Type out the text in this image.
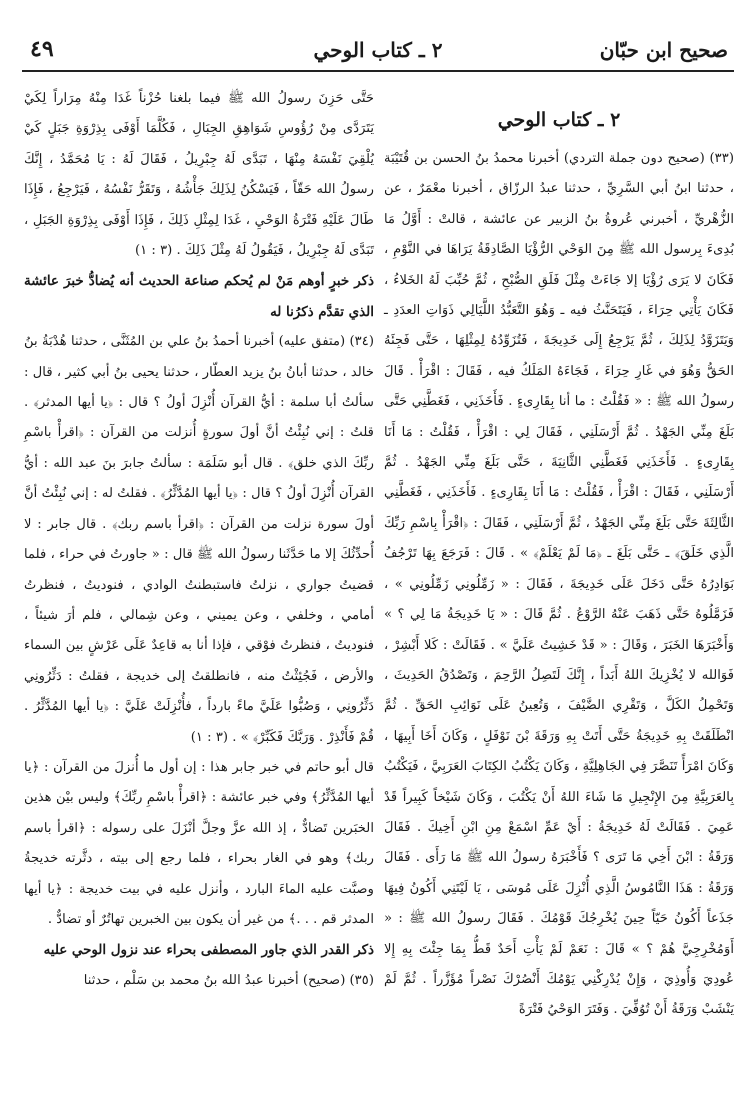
صحيح ابن حبّان
٢ ـ كتاب الوحي
٤٩
٢ ـ كتاب الوحي

(٣٣) (صحيح دون جملة التردي) أخبرنا محمدُ بنُ الحسن بن قُتَيْبَة ، حدثنا ابنُ أبي السَّرِيِّ ، حدثنا عبدُ الرزّاق ، أخبرنا معْمَرٌ ، عن الزُّهْريِّ ، أخبرني عُروةُ بنُ الزبير عن عائشة ، قالتْ : أَوَّلُ مَا بُدِىءَ بِرسول الله ﷺ مِنَ الوَحْي الرُّؤْيَا الصَّادِقَةُ يَرَاهَا في النَّوْمِ ، فَكَانَ لا يَرَى رُؤْيَا إلا جَاءَتْ مِثْلَ فَلَقِ الصُّبْحِ ، ثُمَّ حُبِّبَ لَهُ الخَلاءُ ، فَكَانَ يَأْتِي حِرَاءَ ، فَيَتَحَنَّثُ فيه ـ وَهُوَ التَّعَبُّدُ اللَّيَالِي ذَوَاتِ العدَدِ ـ وَيَتَزَوَّدُ لِذَلِكَ ، ثُمَّ يَرْجِعُ إِلَى خَدِيجَةَ ، فَتُزَوِّدُهُ لِمِثْلِهَا ، حَتَّى فَجِئَهُ الحَقُّ وَهُوَ في غَارِ حِرَاءَ ، فَجَاءَهُ المَلَكُ فيه ، فَقَالَ : اقْرَأْ . قَالَ رسولُ الله ﷺ : « فَقُلْتُ : ما أنا بِقَارِىءٍ . فَأَخَذَنِي ، فَغَطَّنِي حَتَّى بَلَغَ مِنِّي الجَهْدُ . ثُمَّ أَرْسَلَنِي ، فَقَالَ لِي : اقْرَأْ ، فَقُلْتُ : مَا أَنَا بِقَارِىءٍ . فَأَخَذَنِي فَغَطَّنِي الثَّانِيَةَ ، حَتَّى بَلَغَ مِنِّي الجَهْدُ . ثُمَّ أَرْسَلَنِي ، فَقَالَ : اقْرَأْ ، فَقُلْتُ : مَا أَنَا بِقَارِىءٍ . فَأَخَذَنِي ، فَغَطَّنِي الثَّالِثَةَ حَتَّى بَلَغَ مِنِّي الجَهْدُ ، ثُمَّ أَرْسَلَنِي ، فَقَالَ : ﴿اقْرَأْ بِاسْمِ رَبِّكَ الَّذِي خَلَقَ﴾ ـ حَتَّى بَلَغَ ـ ﴿مَا لَمْ يَعْلَمْ﴾ » . قَالَ : فَرَجَعَ بِهَا تَرْجُفُ بَوَادِرُهُ حَتَّى دَخَلَ عَلَى خَدِيجَةَ ، فَقَالَ : « زَمِّلُونِي زَمِّلُونِي » ، فَزَمَّلُوهُ حَتَّى ذَهَبَ عَنْهُ الرَّوْعُ . ثُمَّ قَالَ : « يَا خَدِيجَةُ مَا لِي ؟ » وَأَخْبَرَهَا الخَبَرَ ، وَقَالَ : « قَدْ خَشِيتُ عَلَيَّ » . فَقَالَتْ : كَلا أَبْشِرْ ، فَوَالله لا يُخْزِيكَ اللهُ أَبَداً ، إِنَّكَ لَتَصِلُ الرَّحِمَ ، وَتَصْدُقُ الحَدِيثَ ، وَتَحْمِلُ الكَلَّ ، وَتَقْرِي الضَّيْفَ ، وَتُعِينُ عَلَى نَوَائِبِ الحَقِّ . ثُمَّ انْطَلَقَتْ بِهِ خَدِيجَةُ حَتَّى أَتَتْ بِهِ وَرَقَةَ بْنَ نَوْفَلٍ ، وَكَانَ أَخَا أَبِيهَا ، وَكَانَ امْرَأً تَنَصَّرَ فِي الجَاهِلِيَّةِ ، وَكَانَ يَكْتُبُ الكِتَابَ العَرَبِيَّ ، فَيَكْتُبُ بِالعَرَبِيَّةِ مِنَ الإِنْجِيلِ مَا شَاءَ اللهُ أَنْ يَكْتُبَ ، وَكَانَ شَيْخاً كَبِيراً قَدْ عَمِيَ . فَقَالَتْ لَهُ خَدِيجَةُ : أَيْ عَمِّ اسْمَعْ مِنِ ابْنِ أَخِيكَ . فَقَالَ وَرَقَةُ : ابْنَ أَخِي مَا تَرَى ؟ فَأَخْبَرَهُ رسولُ الله ﷺ مَا رَأَى . فَقَالَ وَرَقَةُ : هَذَا النَّامُوسُ الَّذِي أُنْزِلَ عَلَى مُوسَى ، يَا لَيْتَنِي أَكُونُ فِيهَا جَذَعاً أَكُونُ حَيّاً حِينَ يُخْرِجُكَ قَوْمُكَ . فَقَالَ رسولُ الله ﷺ : « أَوَمُخْرِجِيَّ هُمْ ؟ » قَالَ : نَعَمْ لَمْ يَأْتِ أَحَدٌ قَطُّ بِمَا جِئْتَ بِهِ إِلا عُودِيَ وَأُوذِيَ ، وَإِنْ يُدْرِكْنِي يَوْمُكَ أَنْصُرْكَ نَصْراً مُؤَزَّراً . ثُمَّ لَمْ يَنْشَبْ وَرَقَةُ أَنْ تُوُفِّيَ . وَفَتَرَ الوَحْيُ فَتْرَةً

حَتَّى حَزِنَ رسولُ الله ﷺ فيما بلغنا حُزْناً غَدَا مِنْهُ مِرَاراً لِكَيْ يَتَرَدَّى مِنْ رُؤُوسِ شَوَاهِقِ الجِبَالِ ، فَكُلَّمَا أَوْفَى بِذِرْوَةِ جَبَلٍ كَيْ يُلْقِيَ نَفْسَهُ مِنْهَا ، تَبَدَّى لَهُ جِبْرِيلُ ، فَقَالَ لَهُ : يَا مُحَمَّدُ ، إِنَّكَ رسولُ الله حَقّاً ، فَيَسْكُنُ لِذَلِكَ جَأْشُهُ ، وَتَقَرُّ نَفْسُهُ ، فَيَرْجِعُ ، فَإِذَا طَالَ عَلَيْهِ فَتْرَةُ الوَحْيِ ، غَدَا لِمِثْلِ ذَلِكَ ، فَإِذَا أَوْفَى بِذِرْوَةِ الجَبَلِ ، تَبَدَّى لَهُ جِبْرِيلُ ، فَيَقُولُ لَهُ مِثْلَ ذَلِكَ . (٣ : ١)

ذكر خبرٍ أوهم مَنْ لم يُحكم صناعة الحديث أنه يُضادُّ خبرَ عائشة الذي تقدَّم ذكرُنا له

(٣٤) (متفق عليه) أخبرنا أحمدُ بنُ علي بن المُثَنَّى ، حدثنا هُدْبَةُ بنُ خالد ، حدثنا أبانُ بنُ يزيد العطّار ، حدثنا يحيى بنُ أبي كثير ، قال : سألتُ أبا سلمة : أيُّ القرآن أُنْزِلَ أولُ ؟ قال : ﴿يا أيها المدثر﴾ . قلتُ : إني نُبِئْتُ أنَّ أولَ سورةٍ أُنزلت من القرآن : ﴿اقرأْ باسْمِ ربِّكَ الذي خلق﴾ . قال أبو سَلَمَة : سألتُ جابرَ بنَ عبد الله : أيُّ القرآن أُنْزِلَ أولُ ؟ قال : ﴿يا أيها المُدَّثِّرُ﴾ . فقلتُ له : إني نُبِئْتُ أنَّ أولَ سورة نزلت من القرآن : ﴿اقرأ باسم ربك﴾ . قال جابر : لا أُحدِّثُكَ إلا ما حَدَّثَنا رسولُ الله ﷺ قال : « جاورتُ في حراء ، فلما قضيتُ جواري ، نزلتُ فاستبطنتُ الوادي ، فنوديتُ ، فنظرتُ أمامي ، وخلفي ، وعن يميني ، وعن شِمالي ، فلم أرَ شيئاً ، فنوديتُ ، فنظرتُ فوْقي ، فإذا أنا به قاعِدٌ عَلَى عَرْشٍ بين السماء والأرض ، فَجُئِثْتُ منه ، فانطلقتُ إلى خديجة ، فقلتُ : دَثِّرُونِي دَثِّرُونِي ، وَصُبُّوا عَلَيَّ ماءً بارداً ، فأُنْزِلَتْ عَلَيَّ : ﴿يا أيها المُدَّثِّرُ . قُمْ فَأَنْذِرْ . وَرَبَّكَ فَكَبِّرْ﴾ » . (٣ : ١)

قال أبو حاتم في خبر جابر هذا : إن أول ما أُنزلَ من القرآن : ﴿يا أيها المُدَّثِّرُ﴾ وفي خبر عائشة : ﴿اقرأْ باسْمِ ربِّكَ﴾ وليس بيْن هذين الخبَرين تَضادٌّ ، إذ الله عزَّ وجلَّ أنْزَلَ على رسوله : ﴿اقرأ باسم ربك﴾ وهو في الغار بحراء ، فلما رجع إلى بيته ، دثَّرته خديجةُ وصبَّت عليه الماءَ البارد ، وأنزل عليه في بيت خديجة : ﴿يا أيها المدثر قم . . .﴾ من غير أن يكون بين الخبرين تهاتُرٌ أو تضادٌّ .

ذكر القدر الذي جاور المصطفى بحراء عند نزول الوحي عليه

(٣٥) (صحيح) أخبرنا عبدُ الله بنُ محمد بن سَلْم ، حدثنا
